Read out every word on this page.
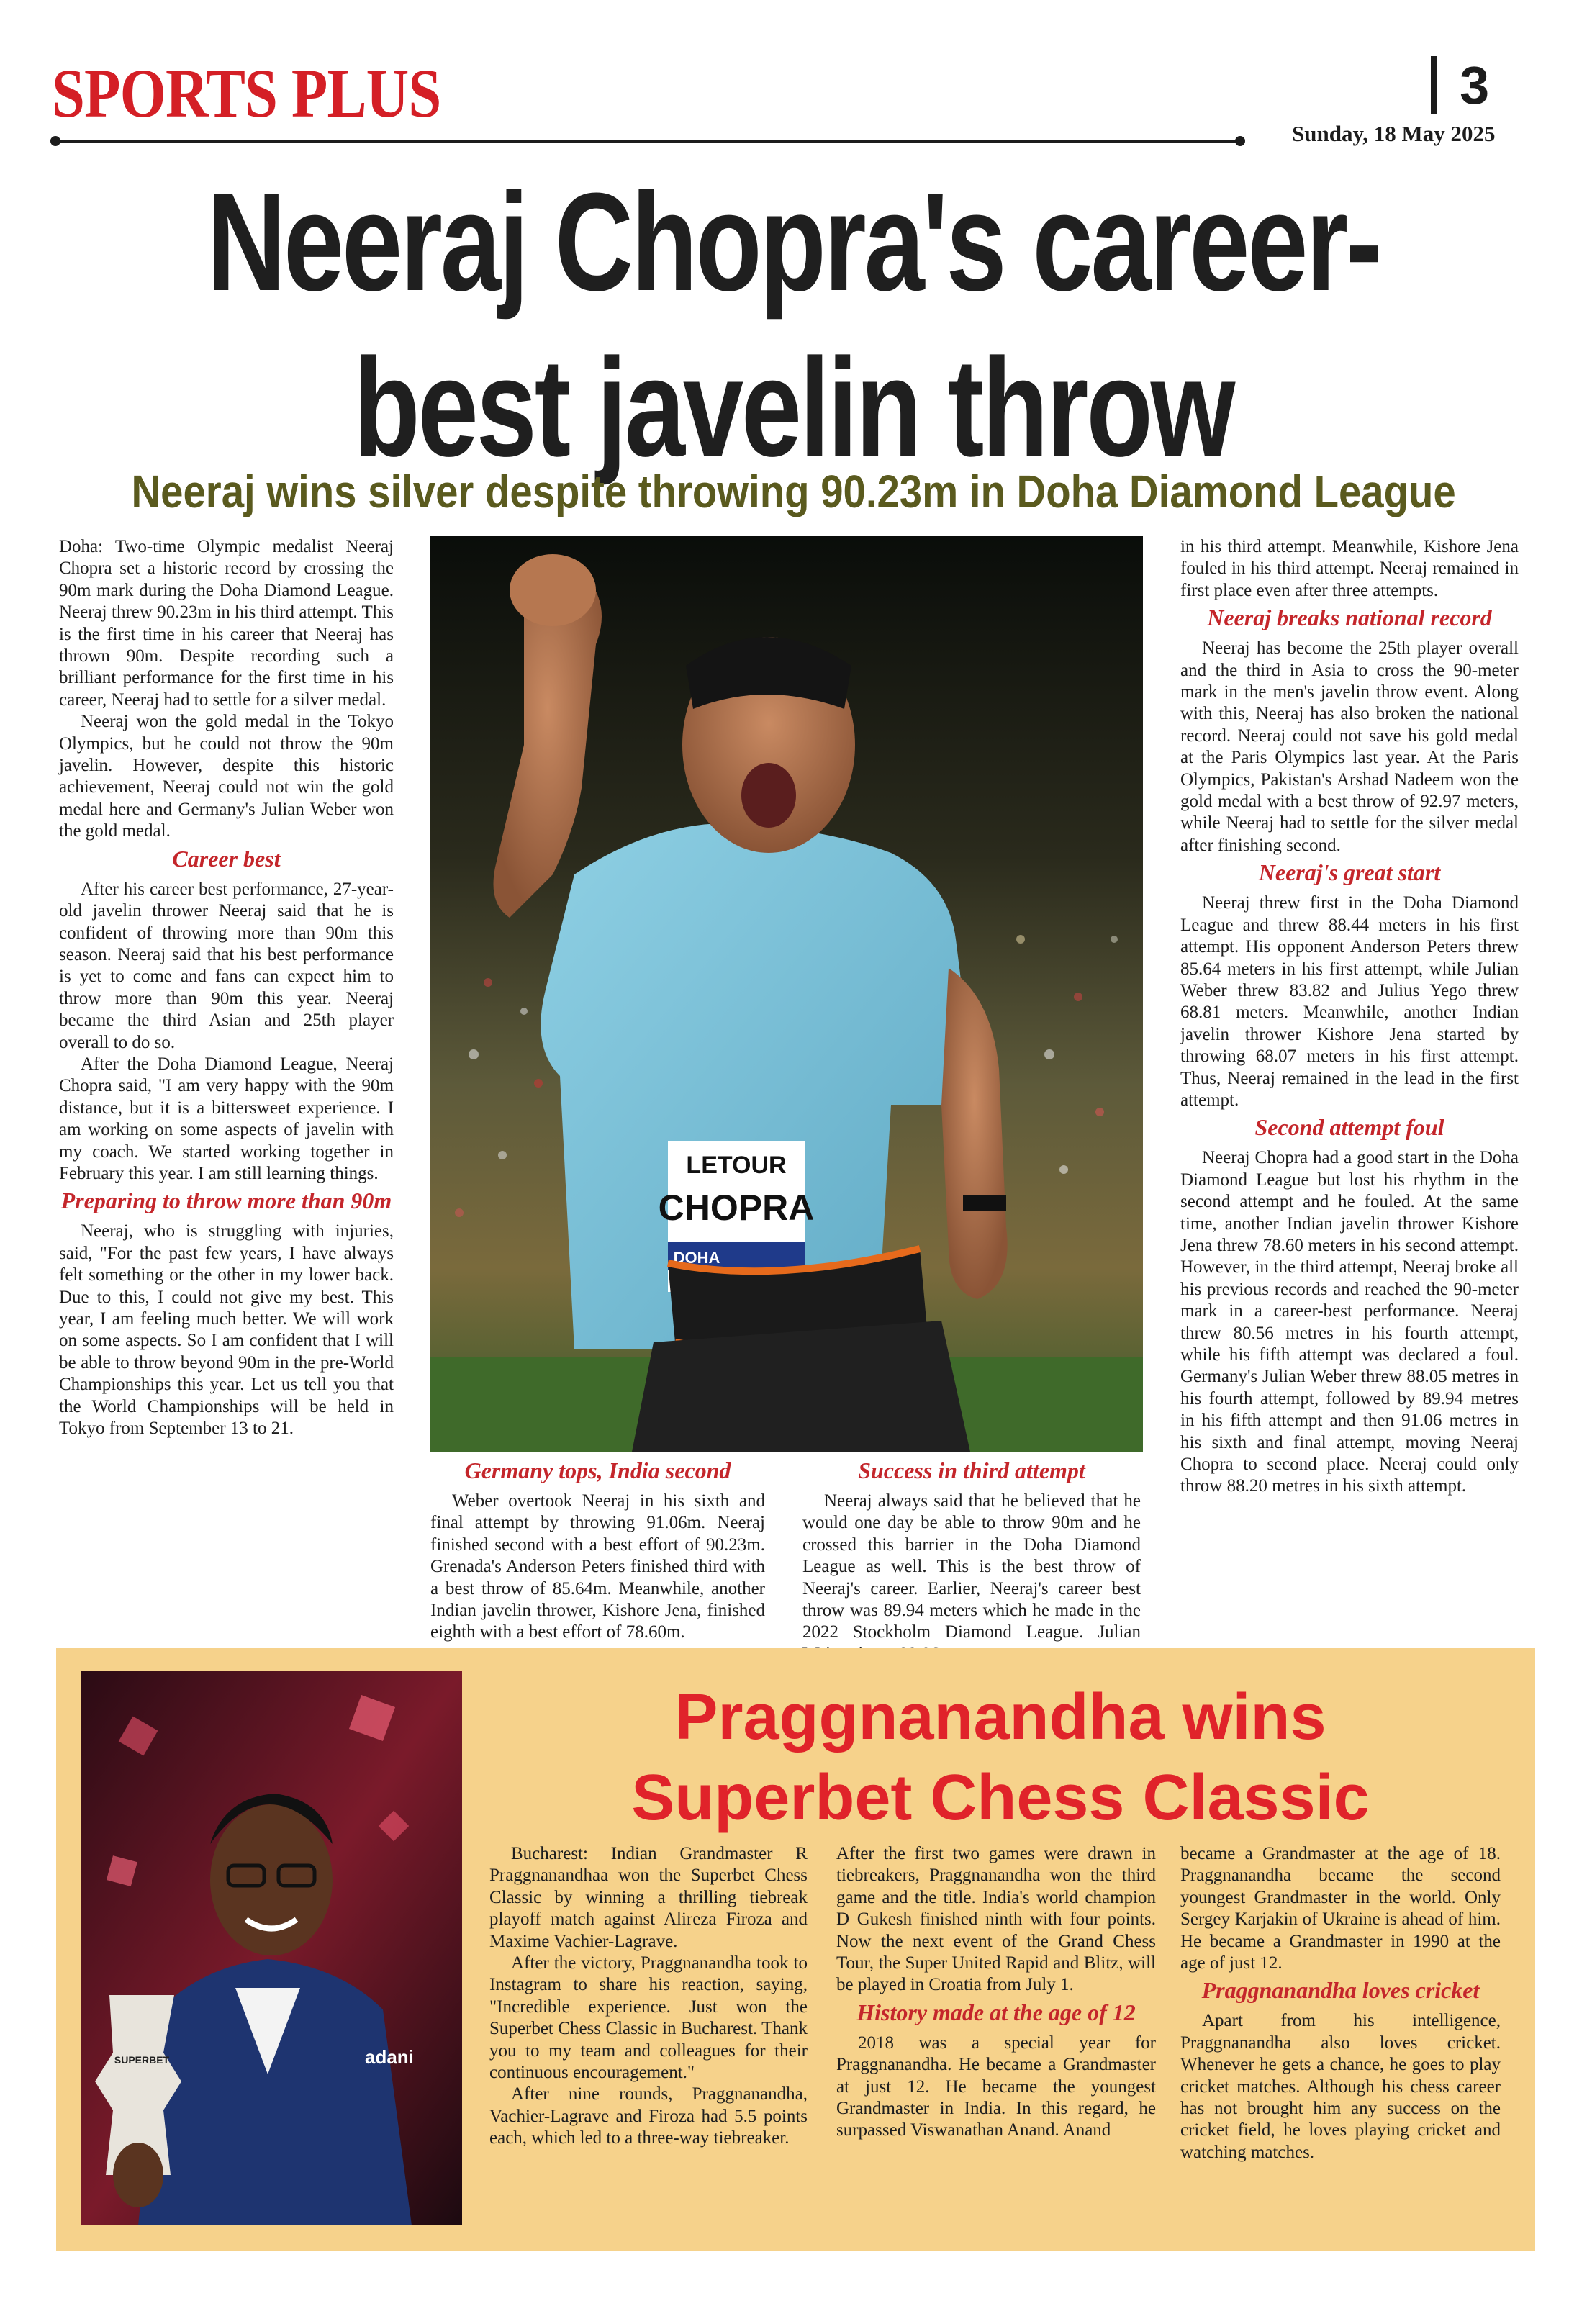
SPORTS PLUS	3
Sunday, 18 May 2025
Neeraj Chopra's career-
best javelin throw
Neeraj wins silver despite throwing 90.23m in Doha Diamond League

Doha: Two-time Olympic medalist Neeraj Chopra set a historic record by crossing the 90m mark during the Doha Diamond League. Neeraj threw 90.23m in his third attempt. This is the first time in his career that Neeraj has thrown 90m. Despite recording such a brilliant performance for the first time in his career, Neeraj had to settle for a silver medal.

Neeraj won the gold medal in the Tokyo Olympics, but he could not throw the 90m javelin. However, despite this historic achievement, Neeraj could not win the gold medal here and Germany's Julian Weber won the gold medal.

Career best

After his career best performance, 27-year-old javelin thrower Neeraj said that he is confident of throwing more than 90m this season. Neeraj said that his best performance is yet to come and fans can expect him to throw more than 90m this year. Neeraj became the third Asian and 25th player overall to do so.

After the Doha Diamond League, Neeraj Chopra said, "I am very happy with the 90m distance, but it is a bittersweet experience. I am working on some aspects of javelin with my coach. We started working together in February this year. I am still learning things.

Preparing to throw more than 90m

Neeraj, who is struggling with injuries, said, "For the past few years, I have always felt something or the other in my lower back. Due to this, I could not give my best. This year, I am feeling much better. We will work on some aspects. So I am confident that I will be able to throw beyond 90m in the pre-World Championships this year. Let us tell you that the World Championships will be held in Tokyo from September 13 to 21.

LETOUR
CHOPRA
DOHA
Germany tops, India second

Weber overtook Neeraj in his sixth and final attempt by throwing 91.06m. Neeraj finished second with a best effort of 90.23m. Grenada's Anderson Peters finished third with a best throw of 85.64m. Meanwhile, another Indian javelin thrower, Kishore Jena, finished eighth with a best effort of 78.60m.

Success in third attempt

Neeraj always said that he believed that he would one day be able to throw 90m and he crossed this barrier in the Doha Diamond League as well. This is the best throw of Neeraj's career. Earlier, Neeraj's career best throw was 89.94 meters which he made in the 2022 Stockholm Diamond League. Julian

in his third attempt. Meanwhile, Kishore Jena fouled in his third attempt. Neeraj remained in first place even after three attempts.

Neeraj breaks national record

Neeraj has become the 25th player overall and the third in Asia to cross the 90-meter mark in the men's javelin throw event. Along with this, Neeraj has also broken the national record. Neeraj could not save his gold medal at the Paris Olympics last year. At the Paris Olympics, Pakistan's Arshad Nadeem won the gold medal with a best throw of 92.97 meters, while Neeraj had to settle for the silver medal after finishing second.

Neeraj's great start

Neeraj threw first in the Doha Diamond League and threw 88.44 meters in his first attempt. His opponent Anderson Peters threw 85.64 meters in his first attempt, while Julian Weber threw 83.82 and Julius Yego threw 68.81 meters. Meanwhile, another Indian javelin thrower Kishore Jena started by throwing 68.07 meters in his first attempt. Thus, Neeraj remained in the lead in the first attempt.

Second attempt foul

Neeraj Chopra had a good start in the Doha Diamond League but lost his rhythm in the second attempt and he fouled. At the same time, another Indian javelin thrower Kishore Jena threw 78.60 meters in his second attempt. However, in the third attempt, Neeraj broke all his previous records and reached the 90-meter mark in a career-best performance. Neeraj threw 80.56 metres in his fourth attempt, while his fifth attempt was declared a foul. Germany's Julian Weber threw 88.05 metres in his fourth attempt, followed by 89.94 metres in his fifth attempt and then 91.06 metres in his sixth and final attempt, moving Neeraj Chopra to second place. Neeraj could only throw 88.20 metres in his sixth attempt.

SUPERBET	adani
Praggnanandha wins
Superbet Chess Classic

Bucharest: Indian Grandmaster R Praggnanandhaa won the Superbet Chess Classic by winning a thrilling tiebreak playoff match against Alireza Firoza and Maxime Vachier-Lagrave.

After the victory, Praggnanandha took to Instagram to share his reaction, saying, "Incredible experience. Just won the Superbet Chess Classic in Bucharest. Thank you to my team and colleagues for their continuous encouragement."

After nine rounds, Praggnanandha, Vachier-Lagrave and Firoza had 5.5 points each, which led to a three-way tiebreaker.

After the first two games were drawn in tiebreakers, Praggnanandha won the third game and the title. India's world champion D Gukesh finished ninth with four points. Now the next event of the Grand Chess Tour, the Super United Rapid and Blitz, will be played in Croatia from July 1.

History made at the age of 12

2018 was a special year for Praggnanandha. He became a Grandmaster at just 12. He became the youngest Grandmaster in India. In this regard, he surpassed Viswanathan Anand. Anand

became a Grandmaster at the age of 18. Praggnanandha became the second youngest Grandmaster in the world. Only Sergey Karjakin of Ukraine is ahead of him. He became a Grandmaster in 1990 at the age of just 12.

Praggnanandha loves cricket

Apart from his intelligence, Praggnanandha also loves cricket. Whenever he gets a chance, he goes to play cricket matches. Although his chess career has not brought him any success on the cricket field, he loves playing cricket and watching matches.
